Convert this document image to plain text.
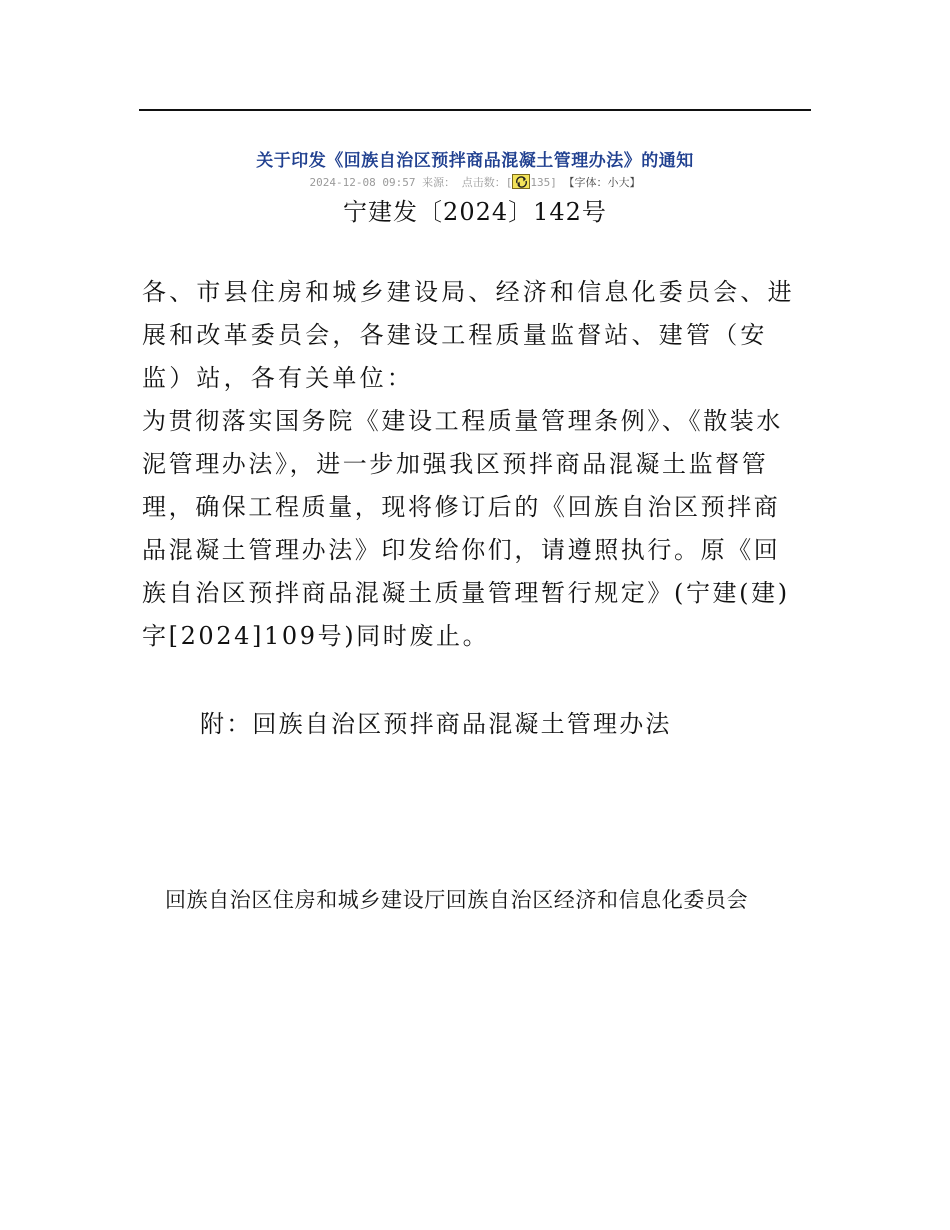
关于印发《回族自治区预拌商品混凝土管理办法》的通知
2024-12-08 09:57 来源： 点击数：[ 135] 【字体：小大】
宁建发〔2024〕142号
各、市县住房和城乡建设局、经济和信息化委员会、进展和改革委员会，各建设工程质量监督站、建管（安监）站，各有关单位：
为贯彻落实国务院《建设工程质量管理条例》、《散装水泥管理办法》，进一步加强我区预拌商品混凝土监督管理，确保工程质量，现将修订后的《回族自治区预拌商品混凝土管理办法》印发给你们，请遵照执行。原《回族自治区预拌商品混凝土质量管理暂行规定》(宁建(建)字[2024]109号)同时废止。
附：回族自治区预拌商品混凝土管理办法
回族自治区住房和城乡建设厅回族自治区经济和信息化委员会
